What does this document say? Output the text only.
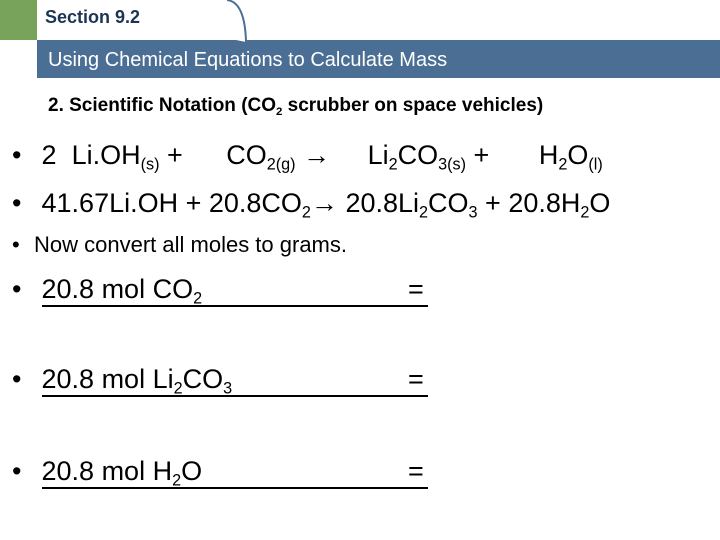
Section 9.2
Using Chemical Equations to Calculate Mass
2. Scientific Notation ($CO_2$ scrubber on space vehicles)
• 2 $Li.OH_{(s)} + CO_{2(g)} \to Li_2CO_{3(s)} + H_2O_{(l)}$
• $41.67Li.OH + 20.8CO_2\to 20.8Li_2CO_3 + 20.8H_2O$
• Now convert all moles to grams.
• 20.8 mol $CO_2$	=
• 20.8 mol $Li_2CO_3$	=
• 20.8 mol $H_2O$	=
